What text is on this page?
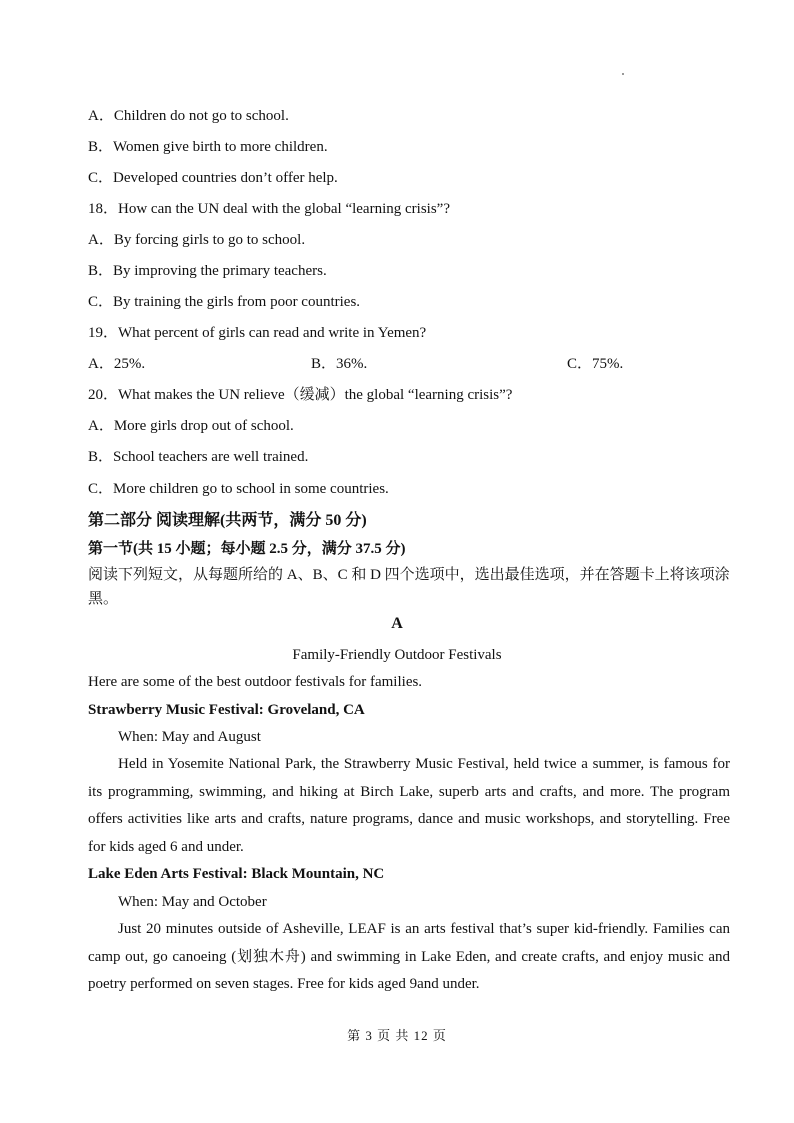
A．Children do not go to school.
B．Women give birth to more children.
C．Developed countries don’t offer help.
18．How can the UN deal with the global “learning crisis”?
A．By forcing girls to go to school.
B．By improving the primary teachers.
C．By training the girls from poor countries.
19．What percent of girls can read and write in Yemen?
A．25%.	B．36%.	C．75%.
20．What makes the UN relieve（缓减）the global “learning crisis”?
A．More girls drop out of school.
B．School teachers are well trained.
C．More children go to school in some countries.
第二部分 阅读理解(共两节，满分 50 分)
第一节(共 15 小题；每小题 2.5 分，满分 37.5 分)

阅读下列短文，从每题所给的 A、B、C 和 D 四个选项中，选出最佳选项，并在答题卡上将该项涂黑。

A
Family-Friendly Outdoor Festivals
Here are some of the best outdoor festivals for families.
Strawberry Music Festival: Groveland, CA
When: May and August

Held in Yosemite National Park, the Strawberry Music Festival, held twice a summer, is famous for its programming, swimming, and hiking at Birch Lake, superb arts and crafts, and more. The program offers activities like arts and crafts, nature programs, dance and music workshops, and storytelling. Free for kids aged 6 and under.

Lake Eden Arts Festival: Black Mountain, NC
When: May and October

Just 20 minutes outside of Asheville, LEAF is an arts festival that’s super kid-friendly. Families can camp out, go canoeing (划独木舟) and swimming in Lake Eden, and create crafts, and enjoy music and poetry performed on seven stages. Free for kids aged 9and under.

第 3 页 共 12 页
